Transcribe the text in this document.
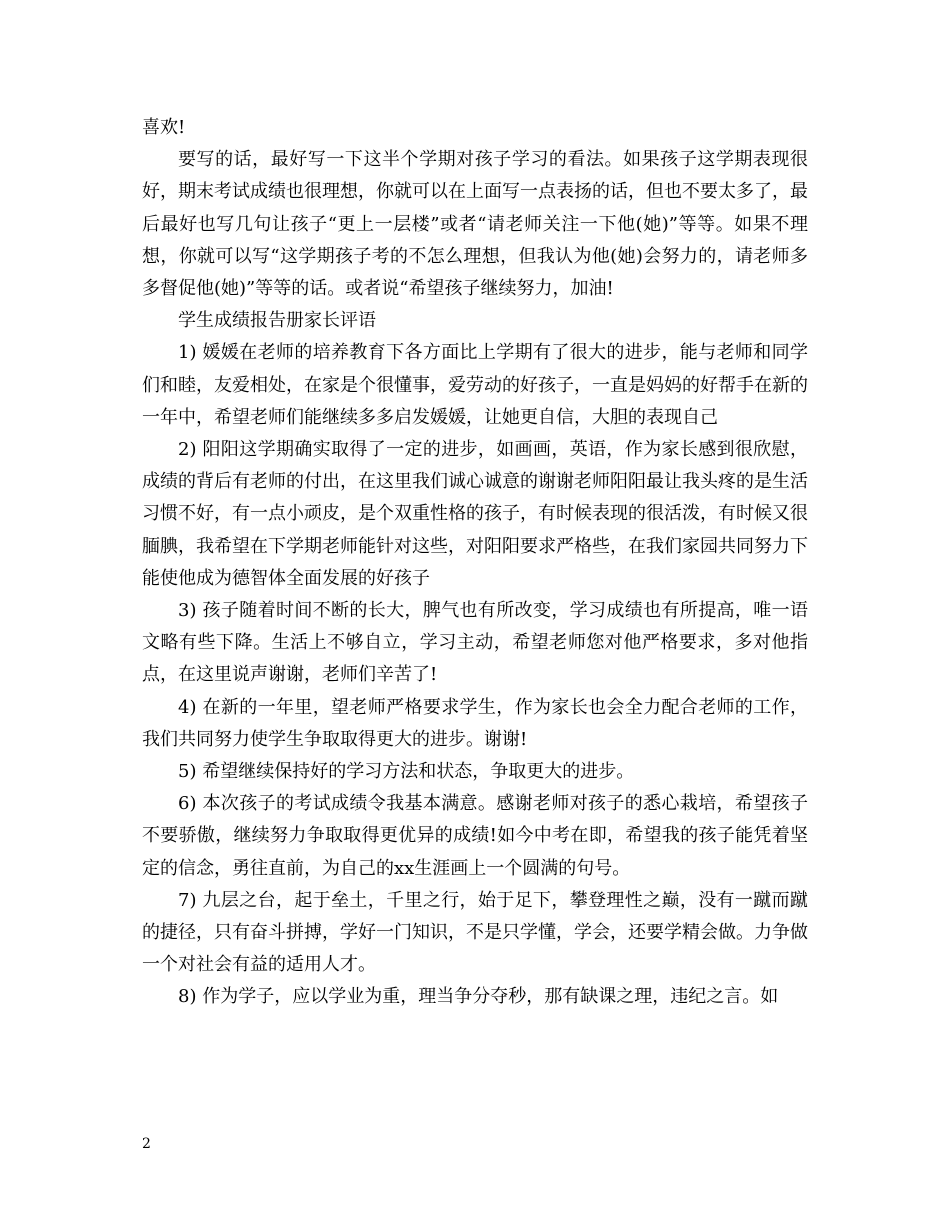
喜欢!

要写的话，最好写一下这半个学期对孩子学习的看法。如果孩子这学期表现很好，期末考试成绩也很理想，你就可以在上面写一点表扬的话，但也不要太多了，最后最好也写几句让孩子“更上一层楼”或者“请老师关注一下他(她)”等等。如果不理想，你就可以写“这学期孩子考的不怎么理想，但我认为他(她)会努力的，请老师多多督促他(她)”等等的话。或者说“希望孩子继续努力，加油!

学生成绩报告册家长评语

1) 媛媛在老师的培养教育下各方面比上学期有了很大的进步，能与老师和同学们和睦，友爱相处，在家是个很懂事，爱劳动的好孩子，一直是妈妈的好帮手在新的一年中，希望老师们能继续多多启发媛媛，让她更自信，大胆的表现自己

2) 阳阳这学期确实取得了一定的进步，如画画，英语，作为家长感到很欣慰，成绩的背后有老师的付出，在这里我们诚心诚意的谢谢老师阳阳最让我头疼的是生活习惯不好，有一点小顽皮，是个双重性格的孩子，有时候表现的很活泼，有时候又很腼腆，我希望在下学期老师能针对这些，对阳阳要求严格些，在我们家园共同努力下能使他成为德智体全面发展的好孩子

3) 孩子随着时间不断的长大，脾气也有所改变，学习成绩也有所提高，唯一语文略有些下降。生活上不够自立，学习主动，希望老师您对他严格要求，多对他指点，在这里说声谢谢，老师们辛苦了!

4) 在新的一年里，望老师严格要求学生，作为家长也会全力配合老师的工作，我们共同努力使学生争取取得更大的进步。谢谢!

5) 希望继续保持好的学习方法和状态，争取更大的进步。

6) 本次孩子的考试成绩令我基本满意。感谢老师对孩子的悉心栽培，希望孩子不要骄傲，继续努力争取取得更优异的成绩!如今中考在即，希望我的孩子能凭着坚定的信念，勇往直前，为自己的xx生涯画上一个圆满的句号。

7) 九层之台，起于垒土，千里之行，始于足下，攀登理性之巅，没有一蹴而蹴的捷径，只有奋斗拼搏，学好一门知识，不是只学懂，学会，还要学精会做。力争做一个对社会有益的适用人才。

8) 作为学子，应以学业为重，理当争分夺秒，那有缺课之理，违纪之言。如

2
